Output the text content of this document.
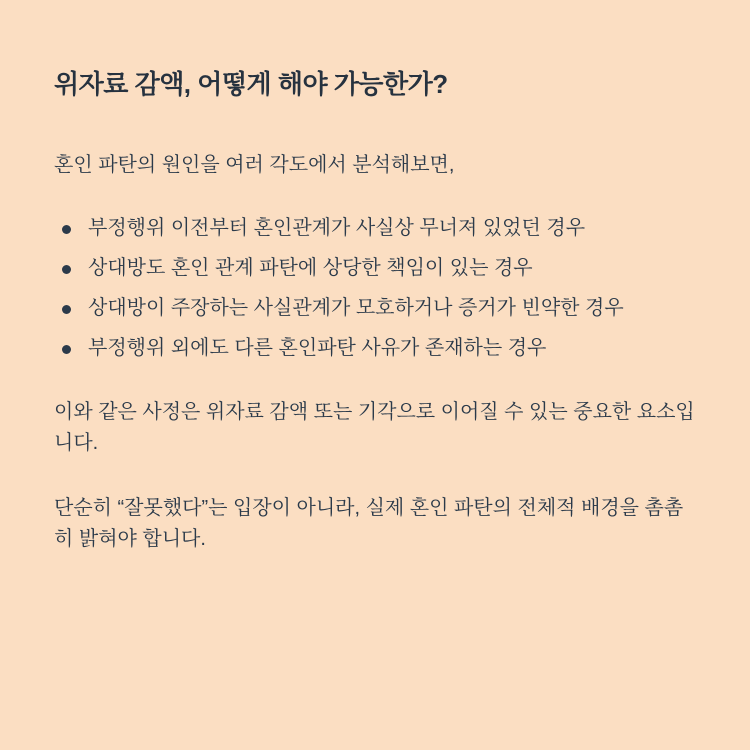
위자료 감액, 어떻게 해야 가능한가?

혼인 파탄의 원인을 여러 각도에서 분석해보면,

부정행위 이전부터 혼인관계가 사실상 무너져 있었던 경우
상대방도 혼인 관계 파탄에 상당한 책임이 있는 경우
상대방이 주장하는 사실관계가 모호하거나 증거가 빈약한 경우
부정행위 외에도 다른 혼인파탄 사유가 존재하는 경우

이와 같은 사정은 위자료 감액 또는 기각으로 이어질 수 있는 중요한 요소입니다.

단순히 “잘못했다”는 입장이 아니라, 실제 혼인 파탄의 전체적 배경을 촘촘히 밝혀야 합니다.
